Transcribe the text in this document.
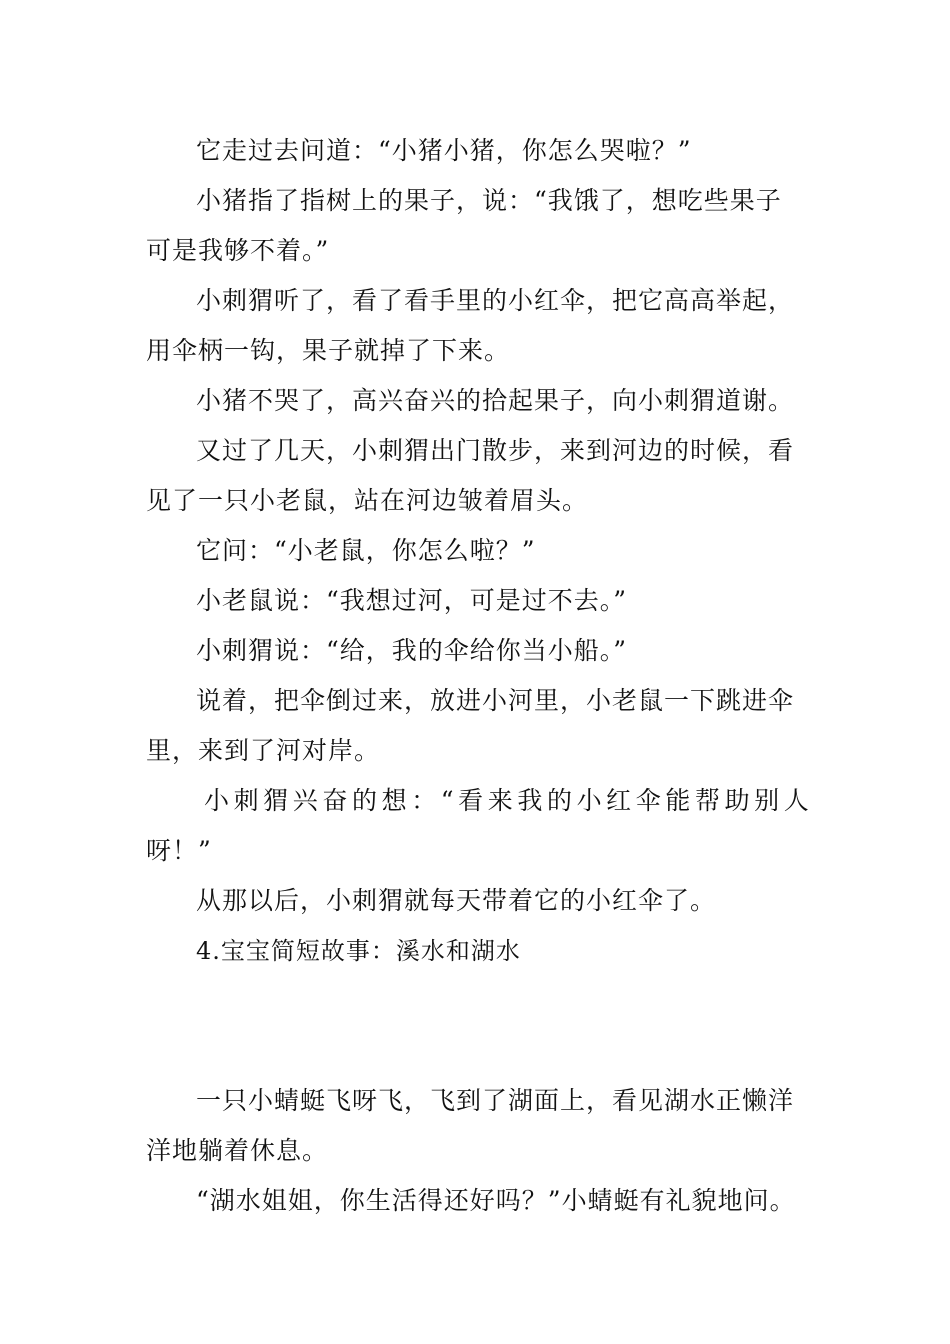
它走过去问道：“小猪小猪，你怎么哭啦？”
小猪指了指树上的果子，说：“我饿了，想吃些果子
可是我够不着。”
小刺猬听了，看了看手里的小红伞，把它高高举起，
用伞柄一钩，果子就掉了下来。
小猪不哭了，高兴奋兴的拾起果子，向小刺猬道谢。
又过了几天，小刺猬出门散步，来到河边的时候，看
见了一只小老鼠，站在河边皱着眉头。
它问：“小老鼠，你怎么啦？”
小老鼠说：“我想过河，可是过不去。”
小刺猬说：“给，我的伞给你当小船。”
说着，把伞倒过来，放进小河里，小老鼠一下跳进伞
里，来到了河对岸。
小刺猬兴奋的想：“看来我的小红伞能帮助别人
呀！”
从那以后，小刺猬就每天带着它的小红伞了。
4.宝宝简短故事：溪水和湖水
一只小蜻蜓飞呀飞，飞到了湖面上，看见湖水正懒洋
洋地躺着休息。
“湖水姐姐，你生活得还好吗？”小蜻蜓有礼貌地问。
